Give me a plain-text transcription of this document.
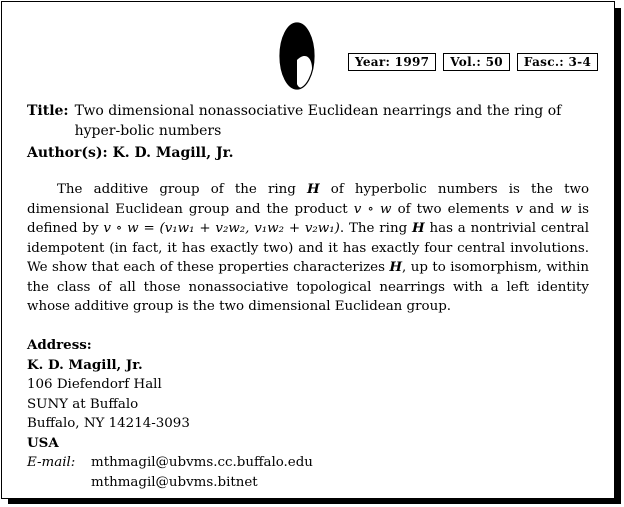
Year: 1997	Vol.: 50	Fasc.: 3-4
Title: Two dimensional nonassociative Euclidean nearrings and the ring of hyper-bolic numbers
Author(s): K. D. Magill, Jr.

The additive group of the ring H of hyperbolic numbers is the two dimensional Euclidean group and the product v ∘ w of two elements v and w is defined by v ∘ w = (v₁w₁ + v₂w₂, v₁w₂ + v₂w₁). The ring H has a nontrivial central idempotent (in fact, it has exactly two) and it has exactly four central involutions. We show that each of these properties characterizes H, up to isomorphism, within the class of all those nonassociative topological nearrings with a left identity whose additive group is the two dimensional Euclidean group.

Address:
K. D. Magill, Jr.
106 Diefendorf Hall
SUNY at Buffalo
Buffalo, NY 14214-3093
USA
E-mail:	mthmagil@ubvms.cc.buffalo.edu
mthmagil@ubvms.bitnet
